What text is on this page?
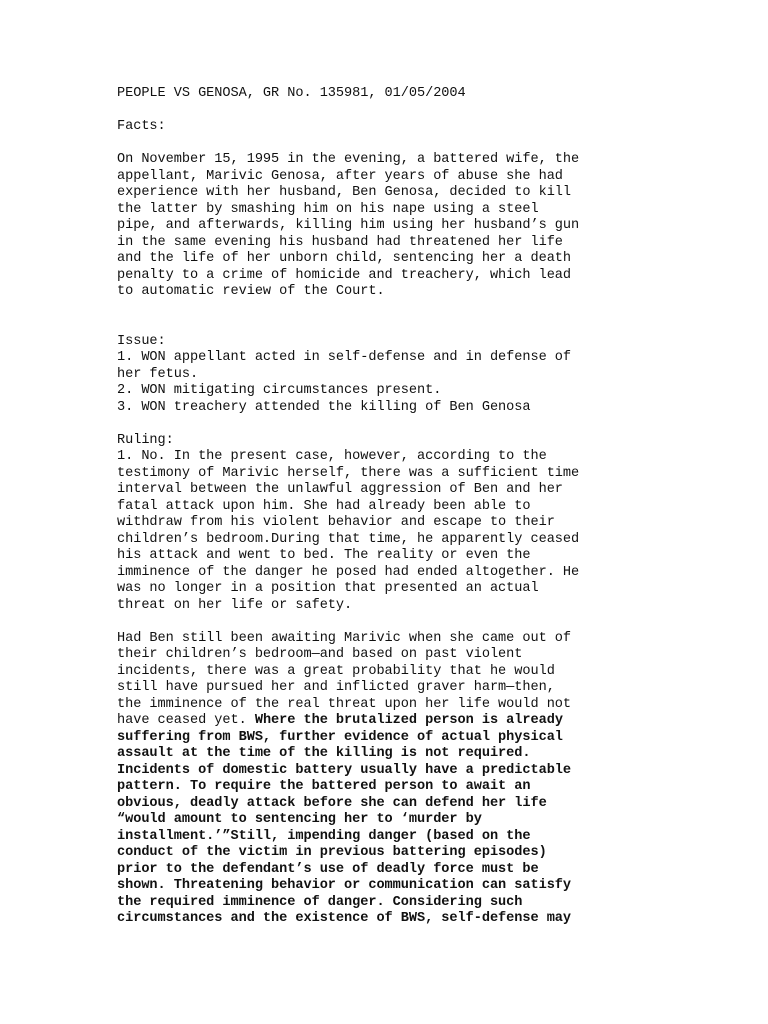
PEOPLE VS GENOSA, GR No. 135981, 01/05/2004
Facts:
On November 15, 1995 in the evening, a battered wife, the
appellant, Marivic Genosa, after years of abuse she had
experience with her husband, Ben Genosa, decided to kill
the latter by smashing him on his nape using a steel
pipe, and afterwards, killing him using her husband’s gun
in the same evening his husband had threatened her life
and the life of her unborn child, sentencing her a death
penalty to a crime of homicide and treachery, which lead
to automatic review of the Court.
Issue:
1. WON appellant acted in self-defense and in defense of
her fetus.
2. WON mitigating circumstances present.
3. WON treachery attended the killing of Ben Genosa
Ruling:
1. No. In the present case, however, according to the
testimony of Marivic herself, there was a sufficient time
interval between the unlawful aggression of Ben and her
fatal attack upon him. She had already been able to
withdraw from his violent behavior and escape to their
children’s bedroom.During that time, he apparently ceased
his attack and went to bed. The reality or even the
imminence of the danger he posed had ended altogether. He
was no longer in a position that presented an actual
threat on her life or safety.
Had Ben still been awaiting Marivic when she came out of
their children’s bedroom—and based on past violent
incidents, there was a great probability that he would
still have pursued her and inflicted graver harm—then,
the imminence of the real threat upon her life would not
have ceased yet. Where the brutalized person is already
suffering from BWS, further evidence of actual physical
assault at the time of the killing is not required.
Incidents of domestic battery usually have a predictable
pattern. To require the battered person to await an
obvious, deadly attack before she can defend her life
“would amount to sentencing her to ‘murder by
installment.’”Still, impending danger (based on the
conduct of the victim in previous battering episodes)
prior to the defendant’s use of deadly force must be
shown. Threatening behavior or communication can satisfy
the required imminence of danger. Considering such
circumstances and the existence of BWS, self-defense may
